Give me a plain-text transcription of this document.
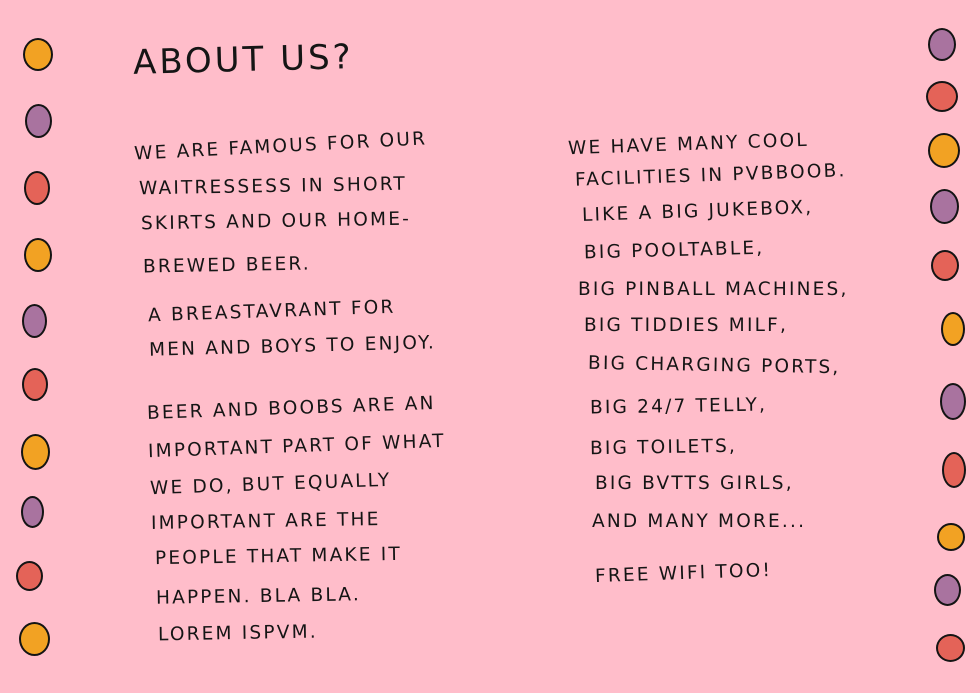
ABOUT US?
WE ARE FAMOUS FOR OUR
WAITRESSESS IN SHORT
SKIRTS AND OUR HOME-
BREWED BEER.
A BREASTAVRANT FOR
MEN AND BOYS TO ENJOY.
BEER AND BOOBS ARE AN
IMPORTANT PART OF WHAT
WE DO, BUT EQUALLY
IMPORTANT ARE THE
PEOPLE THAT MAKE IT
HAPPEN. BLA BLA.
LOREM ISPVM.
WE HAVE MANY COOL
FACILITIES IN PVBBOOB.
LIKE A BIG JUKEBOX,
BIG POOLTABLE,
BIG PINBALL MACHINES,
BIG TIDDIES MILF,
BIG CHARGING PORTS,
BIG 24/7 TELLY,
BIG TOILETS,
BIG BVTTS GIRLS,
AND MANY MORE...
FREE WIFI TOO!
